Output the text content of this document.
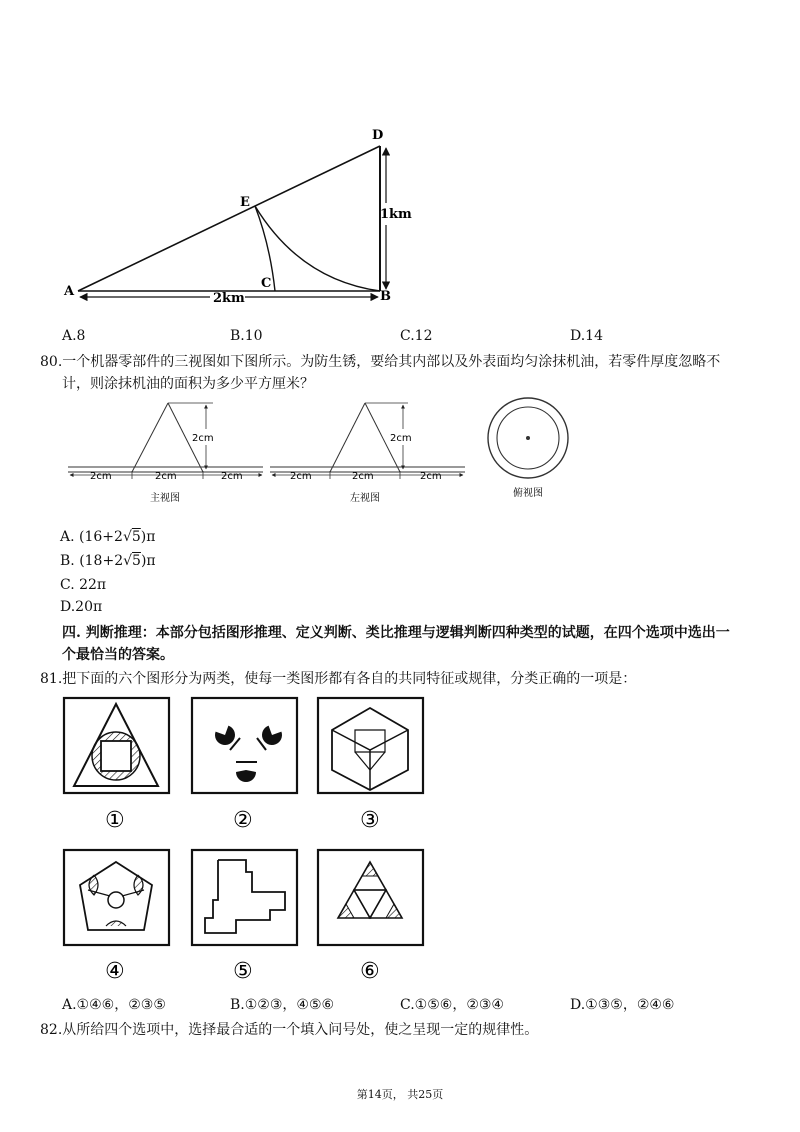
A	B
C
D
E
1km
2km
A.8	B.10	C.12	D.14
80.一个机器零部件的三视图如下图所示。为防生锈，要给其内部以及外表面均匀涂抹机油，若零件厚度忽略不
计，则涂抹机油的面积为多少平方厘米？
2cm
2cm	2cm	2cm
主视图
2cm
2cm	2cm	2cm
左视图	俯视图
A. (16+2√5)π
B. (18+2√5)π
C. 22π
D.20π
四. 判断推理：本部分包括图形推理、定义判断、类比推理与逻辑判断四种类型的试题，在四个选项中选出一
个最恰当的答案。
81.把下面的六个图形分为两类，使每一类图形都有各自的共同特征或规律，分类正确的一项是：
①	②	③
④	⑤	⑥
A.①④⑥，②③⑤	B.①②③，④⑤⑥	C.①⑤⑥，②③④	D.①③⑤，②④⑥
82.从所给四个选项中，选择最合适的一个填入问号处，使之呈现一定的规律性。
第14页， 共25页
